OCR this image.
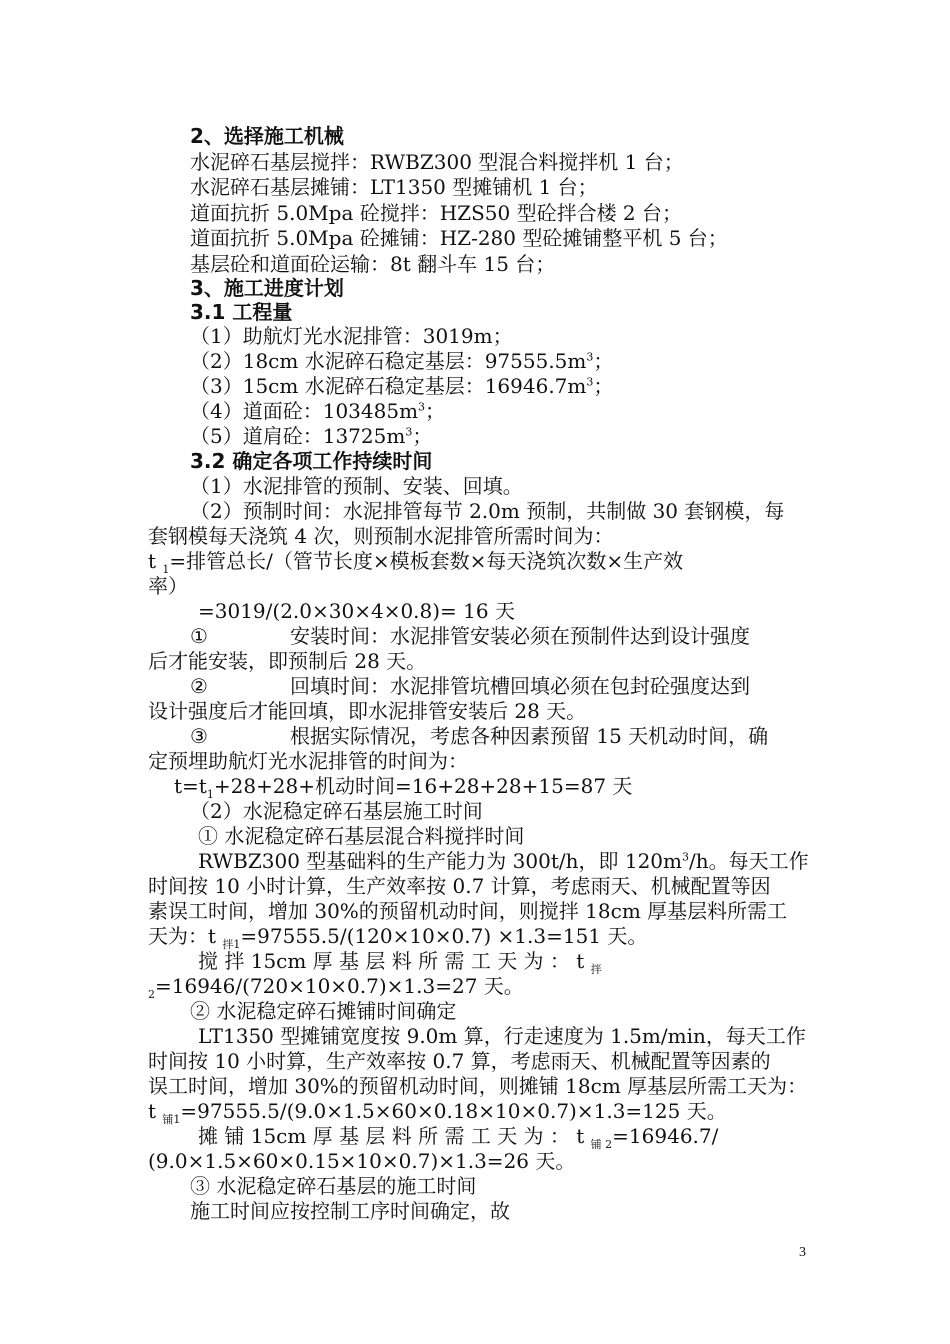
2、选择施工机械
水泥碎石基层搅拌：RWBZ300 型混合料搅拌机 1 台；
水泥碎石基层摊铺：LT1350 型摊铺机 1 台；
道面抗折 5.0Mpa 砼搅拌：HZS50 型砼拌合楼 2 台；
道面抗折 5.0Mpa 砼摊铺：HZ-280 型砼摊铺整平机 5 台；
基层砼和道面砼运输：8t 翻斗车 15 台；
3、施工进度计划
3.1 工程量
（1）助航灯光水泥排管：3019m；
（2）18cm 水泥碎石稳定基层：$97555.5m^3$；
（3）15cm 水泥碎石稳定基层：$16946.7m^3$；
（4）道面砼：$103485m^3$；
（5）道肩砼：$13725m^3$；
3.2 确定各项工作持续时间
（1）水泥排管的预制、安装、回填。
（2）预制时间：水泥排管每节 2.0m 预制，共制做 30 套钢模，每
套钢模每天浇筑 4 次，则预制水泥排管所需时间为：
t $_1$=排管总长/（管节长度×模板套数×每天浇筑次数×生产效
率）
=3019/(2.0×30×4×0.8)= 16 天
①	安装时间：水泥排管安装必须在预制件达到设计强度
后才能安装，即预制后 28 天。
②	回填时间：水泥排管坑槽回填必须在包封砼强度达到
设计强度后才能回填，即水泥排管安装后 28 天。
③	根据实际情况，考虑各种因素预留 15 天机动时间，确
定预埋助航灯光水泥排管的时间为：
$t=t_1+28+28+$机动时间=16+28+28+15=87 天
（2）水泥稳定碎石基层施工时间
① 水泥稳定碎石基层混合料搅拌时间
RWBZ300 型基础料的生产能力为 300t/h，即 $120m^3/h$。每天工作
时间按 10 小时计算，生产效率按 0.7 计算，考虑雨天、机械配置等因
素误工时间，增加 30%的预留机动时间，则搅拌 18cm 厚基层料所需工
天为：t $_{拌1}$=97555.5/(120×10×0.7) ×1.3=151 天。
搅 拌 15cm 厚 基 层 料 所 需 工 天 为 ： t $_拌$
$_2$=16946/(720×10×0.7)×1.3=27 天。
② 水泥稳定碎石摊铺时间确定
LT1350 型摊铺宽度按 9.0m 算，行走速度为 1.5m/min，每天工作
时间按 10 小时算，生产效率按 0.7 算，考虑雨天、机械配置等因素的
误工时间，增加 30%的预留机动时间，则摊铺 18cm 厚基层所需工天为：
t $_{铺1}$=97555.5/(9.0×1.5×60×0.18×10×0.7)×1.3=125 天。
摊 铺 15cm 厚 基 层 料 所 需 工 天 为 ： t $_{铺 2}$=16946.7/
(9.0×1.5×60×0.15×10×0.7)×1.3=26 天。
③ 水泥稳定碎石基层的施工时间
施工时间应按控制工序时间确定，故
3
